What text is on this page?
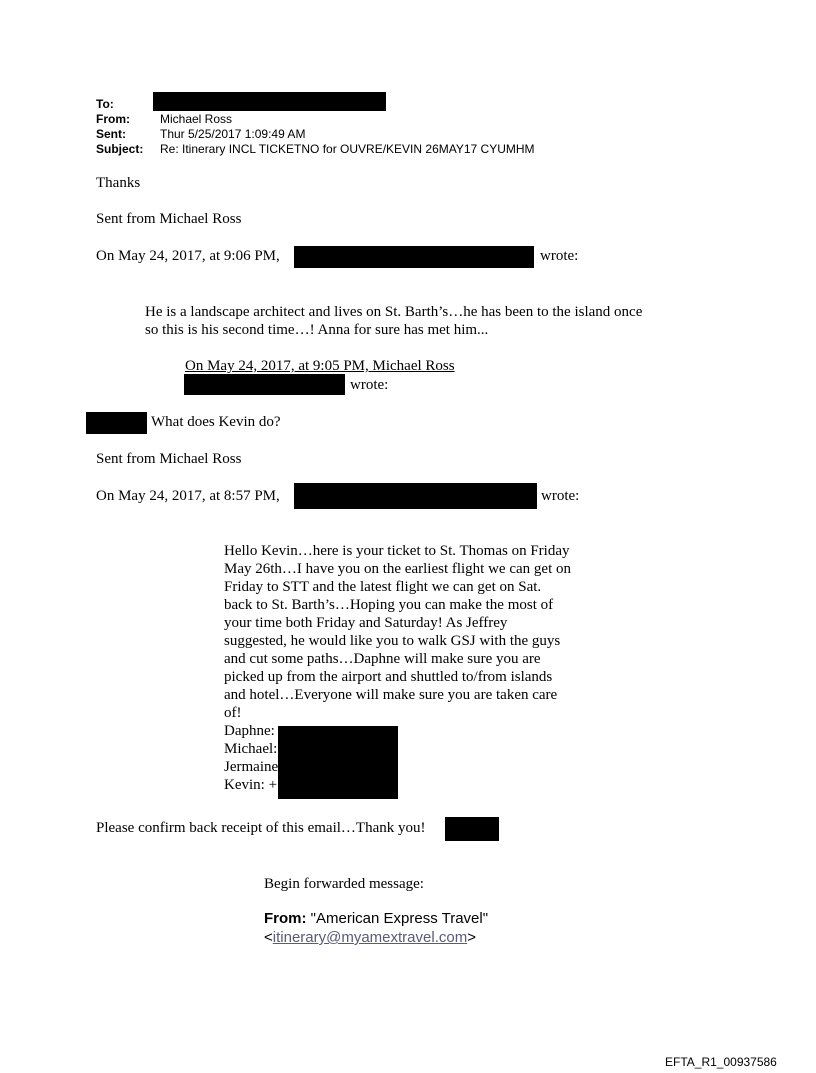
To:
From:	Michael Ross
Sent:	Thur 5/25/2017 1:09:49 AM
Subject: Re: Itinerary INCL TICKETNO for OUVRE/KEVIN 26MAY17 CYUMHM
Thanks
Sent from Michael Ross
On May 24, 2017, at 9:06 PM,	wrote:
He is a landscape architect and lives on St. Barth’s…he has been to the island once
so this is his second time…! Anna for sure has met him...
On May 24, 2017, at 9:05 PM, Michael Ross
wrote:
What does Kevin do?
Sent from Michael Ross
On May 24, 2017, at 8:57 PM,	wrote:
Hello Kevin…here is your ticket to St. Thomas on Friday
May 26th…I have you on the earliest flight we can get on
Friday to STT and the latest flight we can get on Sat.
back to St. Barth’s…Hoping you can make the most of
your time both Friday and Saturday! As Jeffrey
suggested, he would like you to walk GSJ with the guys
and cut some paths…Daphne will make sure you are
picked up from the airport and shuttled to/from islands
and hotel…Everyone will make sure you are taken care
of!
Daphne:
Michael:
Jermaine
Kevin: +
Please confirm back receipt of this email…Thank you!
Begin forwarded message:
From: "American Express Travel"
<itinerary@myamextravel.com>
EFTA_R1_00937586
